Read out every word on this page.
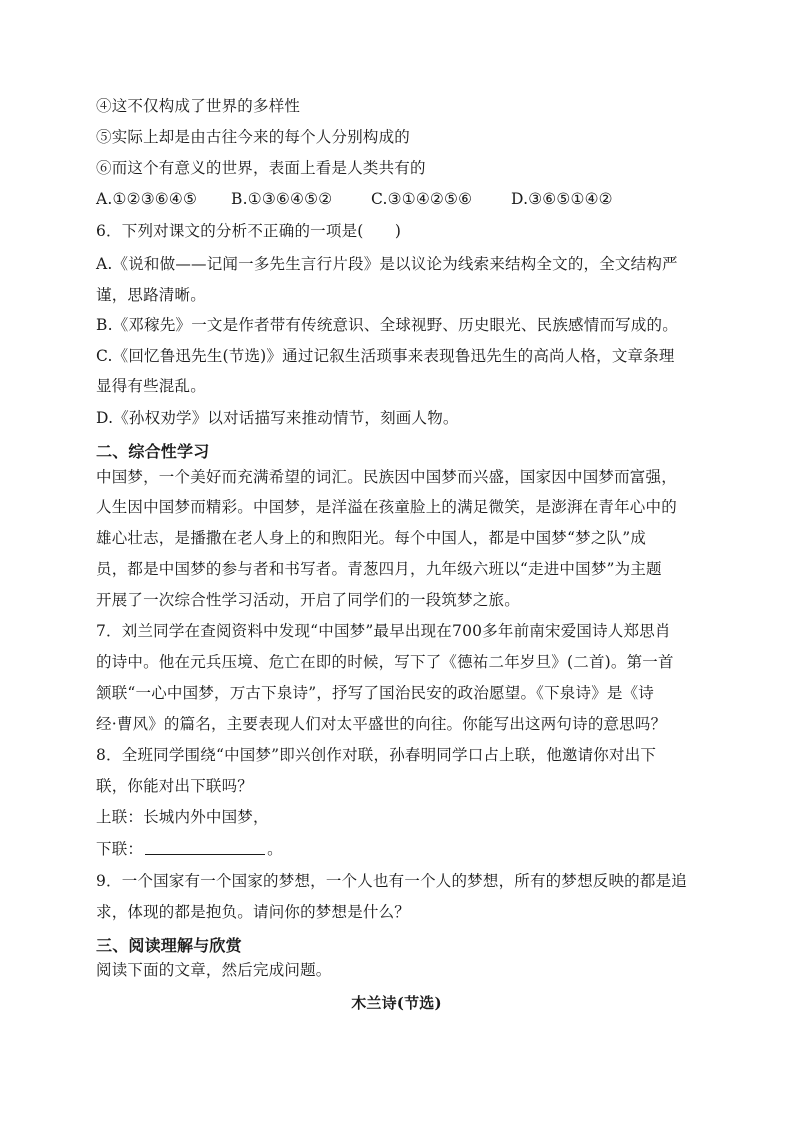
④这不仅构成了世界的多样性
⑤实际上却是由古往今来的每个人分别构成的
⑥而这个有意义的世界，表面上看是人类共有的
A.①②③⑥④⑤ B.①③⑥④⑤② C.③①④②⑤⑥	D.③⑥⑤①④②
6．下列对课文的分析不正确的一项是(　　)
A.《说和做——记闻一多先生言行片段》是以议论为线索来结构全文的，全文结构严
谨，思路清晰。
B.《邓稼先》一文是作者带有传统意识、全球视野、历史眼光、民族感情而写成的。
C.《回忆鲁迅先生(节选)》通过记叙生活琐事来表现鲁迅先生的高尚人格，文章条理
显得有些混乱。
D.《孙权劝学》以对话描写来推动情节，刻画人物。
二、综合性学习
中国梦，一个美好而充满希望的词汇。民族因中国梦而兴盛，国家因中国梦而富强，
人生因中国梦而精彩。中国梦，是洋溢在孩童脸上的满足微笑，是澎湃在青年心中的
雄心壮志，是播撒在老人身上的和煦阳光。每个中国人，都是中国梦“梦之队”成
员，都是中国梦的参与者和书写者。青葱四月，九年级六班以“走进中国梦”为主题
开展了一次综合性学习活动，开启了同学们的一段筑梦之旅。
7．刘兰同学在查阅资料中发现“中国梦”最早出现在700多年前南宋爱国诗人郑思肖
的诗中。他在元兵压境、危亡在即的时候，写下了《德祐二年岁旦》(二首)。第一首
颔联“一心中国梦，万古下泉诗”，抒写了国治民安的政治愿望。《下泉诗》是《诗
经·曹风》的篇名，主要表现人们对太平盛世的向往。你能写出这两句诗的意思吗？
8．全班同学围绕“中国梦”即兴创作对联，孙春明同学口占上联，他邀请你对出下
联，你能对出下联吗？
上联：长城内外中国梦，
下联：	。
9．一个国家有一个国家的梦想，一个人也有一个人的梦想，所有的梦想反映的都是追
求，体现的都是抱负。请问你的梦想是什么？
三、阅读理解与欣赏
阅读下面的文章，然后完成问题。
木兰诗(节选)
